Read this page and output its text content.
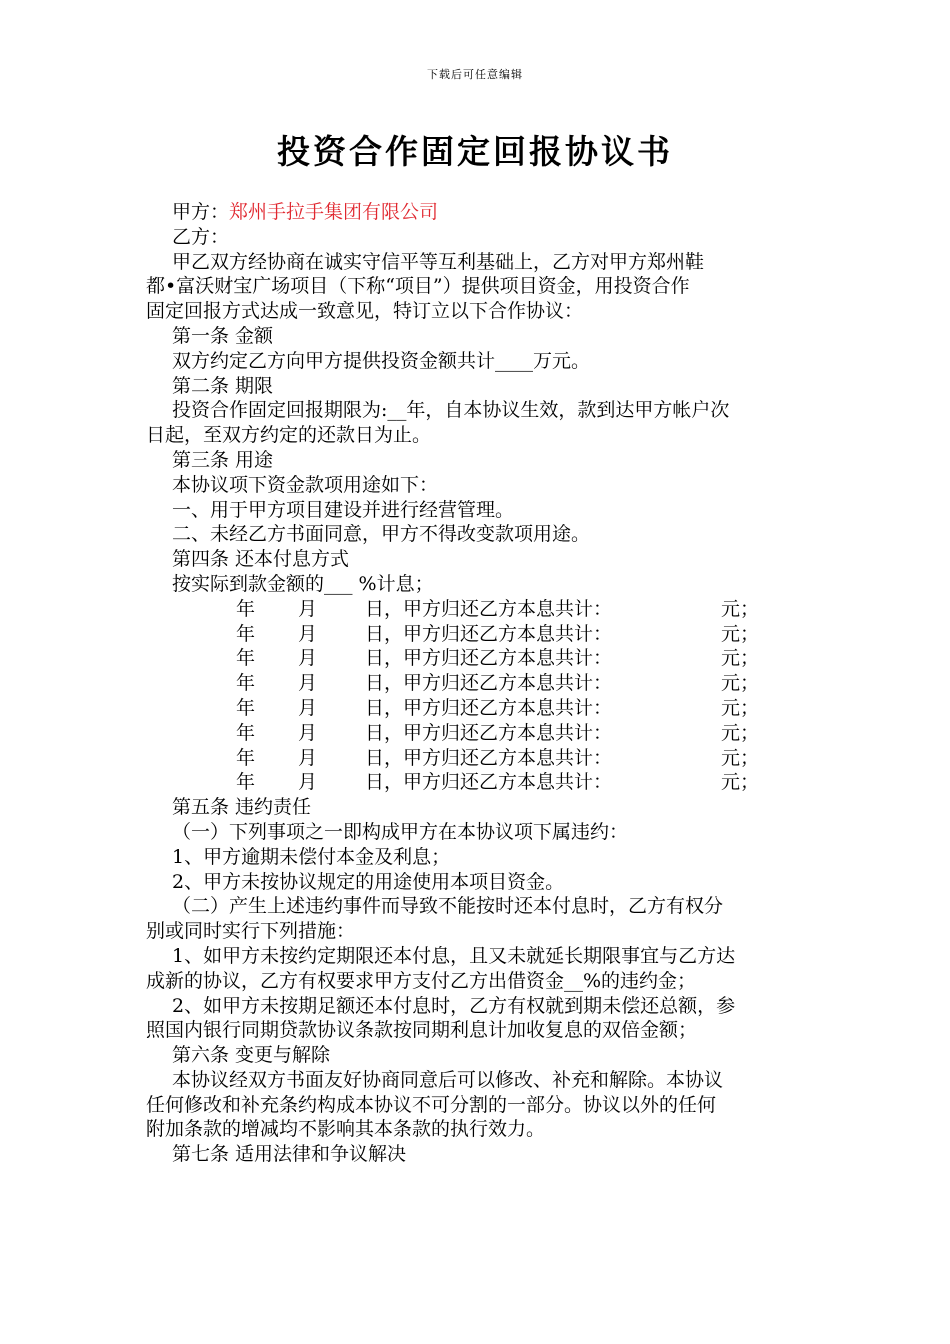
下载后可任意编辑
投资合作固定回报协议书
甲方：郑州手拉手集团有限公司
乙方：
甲乙双方经协商在诚实守信平等互利基础上，乙方对甲方郑州鞋
都•富沃财宝广场项目（下称“项目”）提供项目资金，用投资合作
固定回报方式达成一致意见，特订立以下合作协议：
第一条 金额
双方约定乙方向甲方提供投资金额共计____万元。
第二条 期限
投资合作固定回报期限为:__年，自本协议生效，款到达甲方帐户次
日起，至双方约定的还款日为止。
第三条 用途
本协议项下资金款项用途如下：
一、用于甲方项目建设并进行经营管理。
二、未经乙方书面同意，甲方不得改变款项用途。
第四条 还本付息方式
按实际到款金额的___ %计息；
年 月	日，甲方归还乙方本息共计：	元；
年 月	日，甲方归还乙方本息共计：	元；
年 月	日，甲方归还乙方本息共计：	元；
年 月	日，甲方归还乙方本息共计：	元；
年 月	日，甲方归还乙方本息共计：	元；
年 月	日，甲方归还乙方本息共计：	元；
年 月	日，甲方归还乙方本息共计：	元；
年 月	日，甲方归还乙方本息共计：	元；
第五条 违约责任
（一）下列事项之一即构成甲方在本协议项下属违约：
1、甲方逾期未偿付本金及利息；
2、甲方未按协议规定的用途使用本项目资金。
（二）产生上述违约事件而导致不能按时还本付息时，乙方有权分
别或同时实行下列措施：
1、如甲方未按约定期限还本付息，且又未就延长期限事宜与乙方达
成新的协议，乙方有权要求甲方支付乙方出借资金__%的违约金；
2、如甲方未按期足额还本付息时，乙方有权就到期未偿还总额，参
照国内银行同期贷款协议条款按同期利息计加收复息的双倍金额；
第六条 变更与解除
本协议经双方书面友好协商同意后可以修改、补充和解除。本协议
任何修改和补充条约构成本协议不可分割的一部分。协议以外的任何
附加条款的增减均不影响其本条款的执行效力。
第七条 适用法律和争议解决
